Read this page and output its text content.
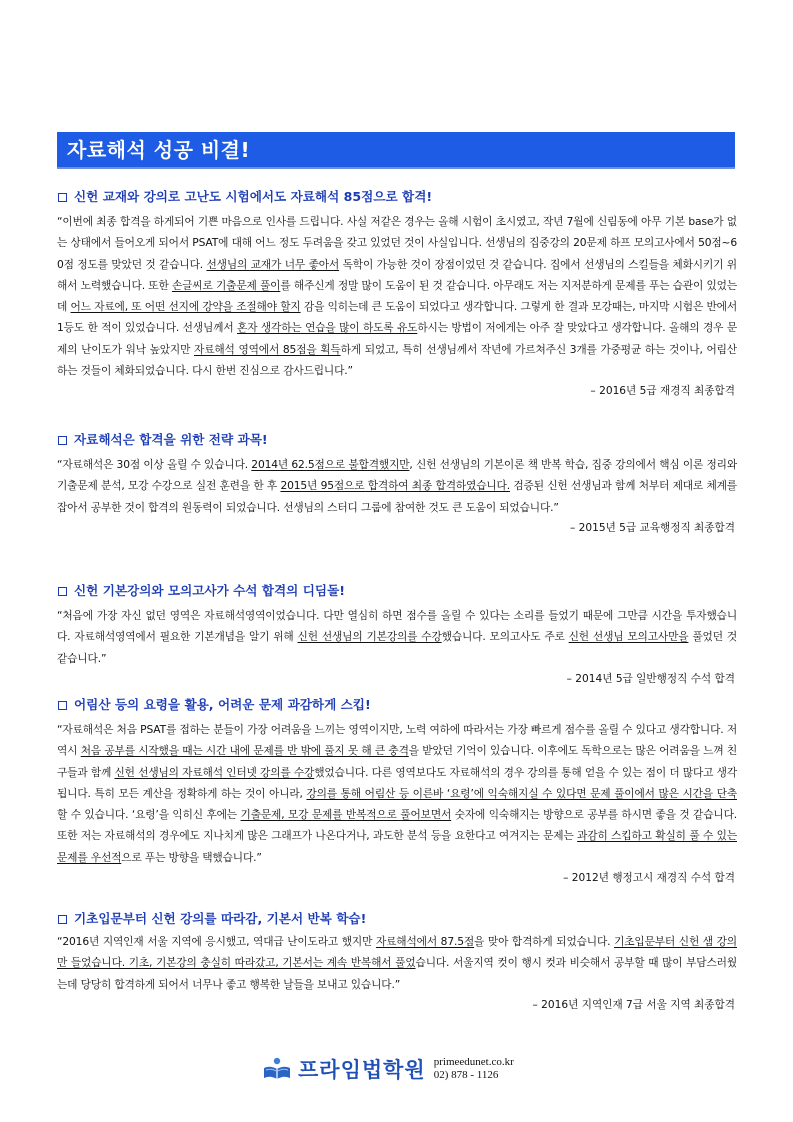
자료해석 성공 비결!
신헌 교재와 강의로 고난도 시험에서도 자료해석 85점으로 합격!
“이번에 최종 합격을 하게되어 기쁜 마음으로 인사를 드립니다. 사실 저같은 경우는 올해 시험이 초시였고, 작년 7월에 신림동에 아무 기본 base가 없는 상태에서 들어오게 되어서 PSAT에 대해 어느 정도 두려움을 갖고 있었던 것이 사실입니다. 선생님의 집중강의 20문제 하프 모의고사에서 50점~60점 정도를 맞았던 것 같습니다. 선생님의 교재가 너무 좋아서 독학이 가능한 것이 장점이었던 것 같습니다. 집에서 선생님의 스킬들을 체화시키기 위해서 노력했습니다. 또한 손글씨로 기출문제 풀이를 해주신게 정말 많이 도움이 된 것 같습니다. 아무래도 저는 지저분하게 문제를 푸는 습관이 있었는데 어느 자료에, 또 어떤 선지에 강약을 조절해야 할지 감을 익히는데 큰 도움이 되었다고 생각합니다. 그렇게 한 결과 모강때는, 마지막 시험은 반에서 1등도 한 적이 있었습니다. 선생님께서 혼자 생각하는 연습을 많이 하도록 유도하시는 방법이 저에게는 아주 잘 맞았다고 생각합니다. 올해의 경우 문제의 난이도가 워낙 높았지만 자료해석 영역에서 85점을 획득하게 되었고, 특히 선생님께서 작년에 가르쳐주신 3개를 가중평균 하는 것이나, 어림산 하는 것들이 체화되었습니다. 다시 한번 진심으로 감사드립니다.”
– 2016년 5급 재경직 최종합격
자료해석은 합격을 위한 전략 과목!
“자료해석은 30점 이상 올릴 수 있습니다. 2014년 62.5점으로 불합격했지만, 신헌 선생님의 기본이론 책 반복 학습, 집중 강의에서 핵심 이론 정리와 기출문제 분석, 모강 수강으로 실전 훈련을 한 후 2015년 95점으로 합격하여 최종 합격하였습니다. 검증된 신헌 선생님과 함께 처부터 제대로 체계를 잡아서 공부한 것이 합격의 원동력이 되었습니다. 선생님의 스터디 그룹에 참여한 것도 큰 도움이 되었습니다.”
– 2015년 5급 교육행정직 최종합격
신헌 기본강의와 모의고사가 수석 합격의 디딤돌!
“처음에 가장 자신 없던 영역은 자료해석영역이었습니다. 다만 열심히 하면 점수를 올릴 수 있다는 소리를 들었기 때문에 그만큼 시간을 투자했습니다. 자료해석영역에서 필요한 기본개념을 알기 위해 신헌 선생님의 기본강의를 수강했습니다. 모의고사도 주로 신헌 선생님 모의고사만을 풀었던 것 같습니다.”
– 2014년 5급 일반행정직 수석 합격
어림산 등의 요령을 활용, 어려운 문제 과감하게 스킵!
“자료해석은 처음 PSAT를 접하는 분들이 가장 어려움을 느끼는 영역이지만, 노력 여하에 따라서는 가장 빠르게 점수를 올릴 수 있다고 생각합니다. 저 역시 처음 공부를 시작했을 때는 시간 내에 문제를 반 밖에 풀지 못 해 큰 충격을 받았던 기억이 있습니다. 이후에도 독학으로는 많은 어려움을 느껴 친구들과 함께 신헌 선생님의 자료해석 인터넷 강의를 수강했었습니다. 다른 영역보다도 자료해석의 경우 강의를 통해 얻을 수 있는 점이 더 많다고 생각됩니다. 특히 모든 계산을 정확하게 하는 것이 아니라, 강의를 통해 어림산 등 이른바 ‘요령’에 익숙해지실 수 있다면 문제 풀이에서 많은 시간을 단축할 수 있습니다. ‘요령’을 익히신 후에는 기출문제, 모강 문제를 반복적으로 풀어보면서 숫자에 익숙해지는 방향으로 공부를 하시면 좋을 것 같습니다. 또한 저는 자료해석의 경우에도 지나치게 많은 그래프가 나온다거나, 과도한 분석 등을 요한다고 여겨지는 문제는 과감히 스킵하고 확실히 풀 수 있는 문제를 우선적으로 푸는 방향을 택했습니다.”
– 2012년 행정고시 재경직 수석 합격
기초입문부터 신헌 강의를 따라감, 기본서 반복 학습!
“2016년 지역인재 서울 지역에 응시했고, 역대급 난이도라고 했지만 자료해석에서 87.5점을 맞아 합격하게 되었습니다. 기초입문부터 신헌 샘 강의만 들었습니다. 기초, 기본강의 충실히 따라갔고, 기본서는 계속 반복해서 풀었습니다. 서울지역 컷이 행시 컷과 비슷해서 공부할 때 많이 부담스러웠는데 당당히 합격하게 되어서 너무나 좋고 행복한 날들을 보내고 있습니다.”
– 2016년 지역인재 7급 서울 지역 최종합격
프라임법학원 primeedunet.co.kr
02) 878 - 1126
